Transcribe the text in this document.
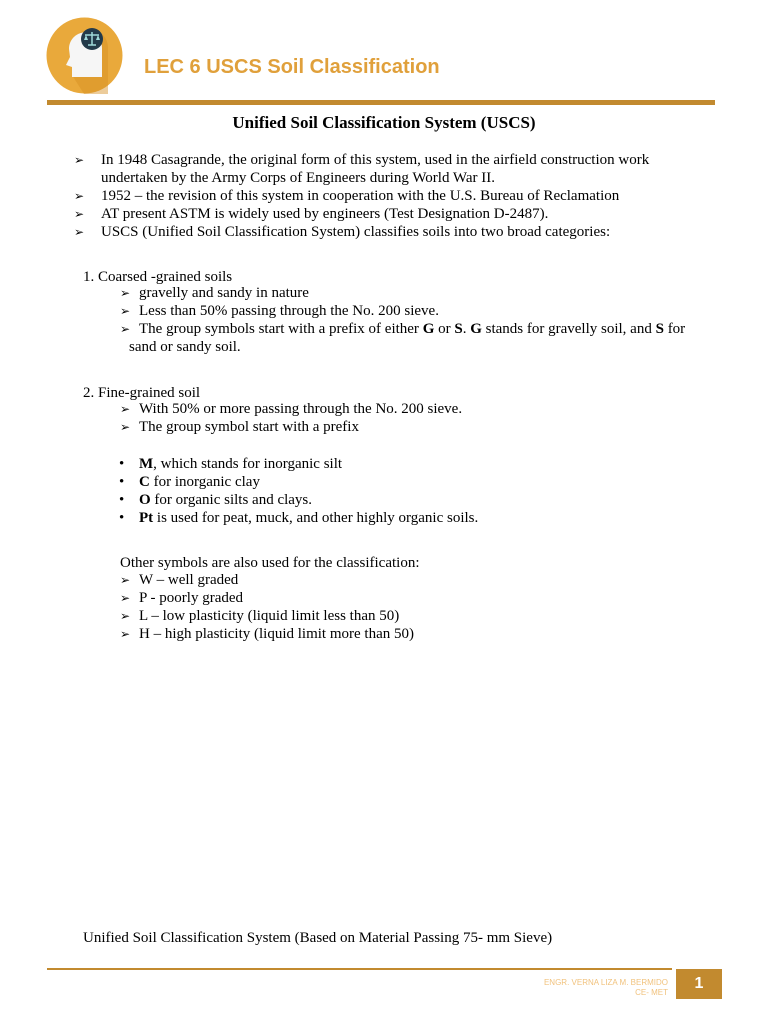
LEC 6 USCS Soil Classification
Unified Soil Classification System (USCS)
➢ In 1948 Casagrande, the original form of this system, used in the airfield construction work undertaken by the Army Corps of Engineers during World War II.
➢ 1952 – the revision of this system in cooperation with the U.S. Bureau of Reclamation
➢ AT present ASTM is widely used by engineers (Test Designation D-2487).
➢ USCS (Unified Soil Classification System) classifies soils into two broad categories:
1. Coarsed -grained soils
➢ gravelly and sandy in nature
➢ Less than 50% passing through the No. 200 sieve.
➢ The group symbols start with a prefix of either G or S. G stands for gravelly soil, and S for
sand or sandy soil.
2. Fine-grained soil
➢ With 50% or more passing through the No. 200 sieve.
➢ The group symbol start with a prefix
• M, which stands for inorganic silt
• C for inorganic clay
• O for organic silts and clays.
• Pt is used for peat, muck, and other highly organic soils.
Other symbols are also used for the classification:
➢ W – well graded
➢ P - poorly graded
➢ L – low plasticity (liquid limit less than 50)
➢ H – high plasticity (liquid limit more than 50)
Unified Soil Classification System (Based on Material Passing 75- mm Sieve)
ENGR. VERNA LIZA M. BERMIDO
CE- MET
1
